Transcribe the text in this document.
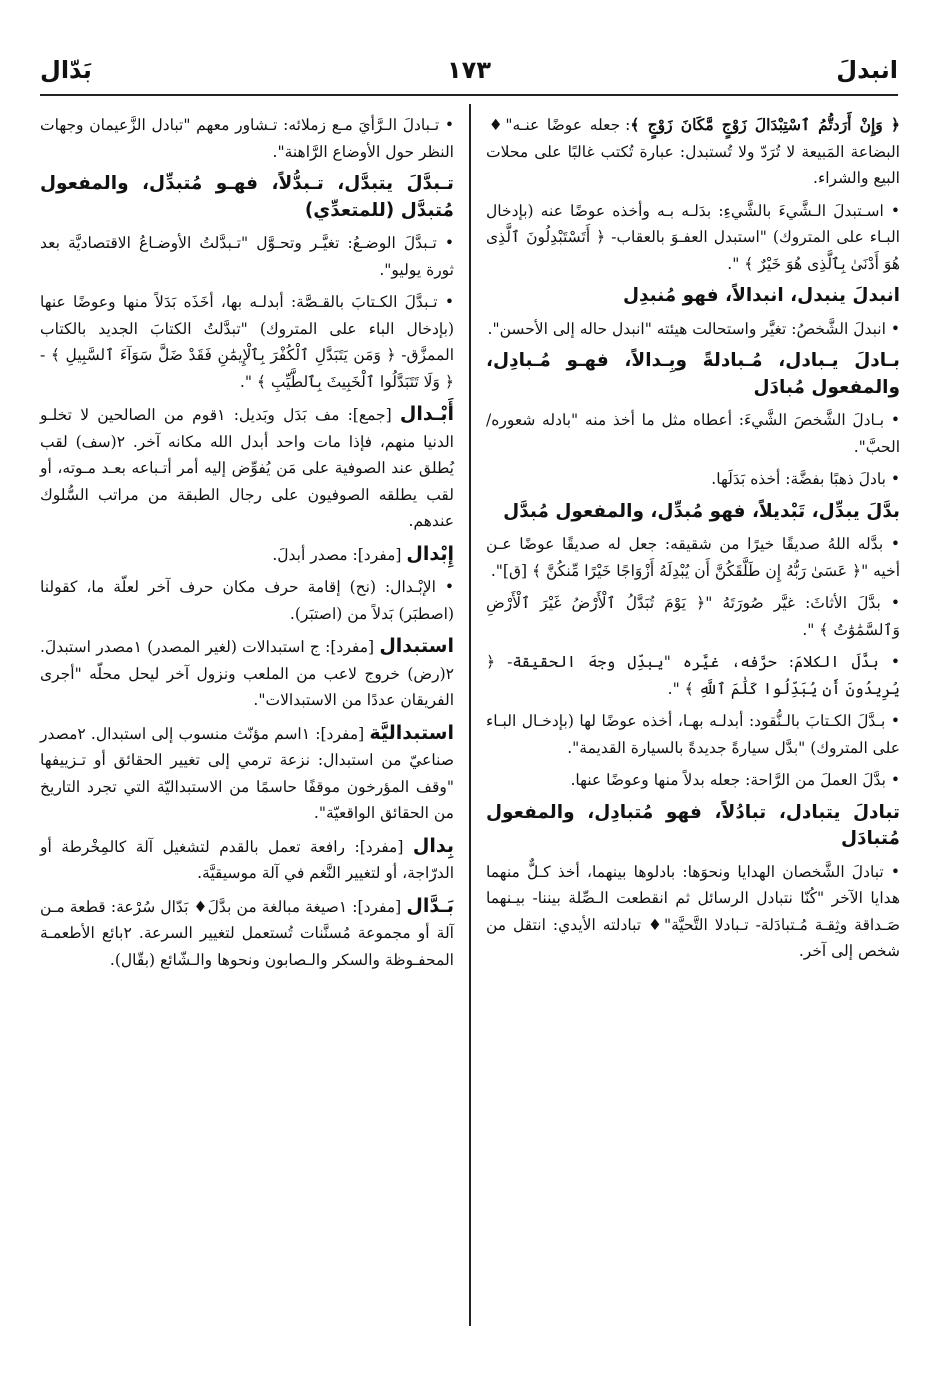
انبدلَ
١٧٣
بَدّال

﴿ وَإِنْ أَرَدتُّمُ ٱسْتِبْدَالَ زَوْجٍ مَّكَانَ زَوْجٍ ﴾: جعله عوضًا عنـه"♦ البضاعة المَبيعة لا تُرَدّ ولا تُستبدل: عبارة تُكتب غالبًا على محلات البيع والشراء.

• اسـتبدلَ الـشَّيءَ بالشَّيءِ: بدَلـه بـه وأخذه عوضًا عنه (بإدخال البـاء على المتروك) "استبدل العفـوَ بالعقاب- ﴿ أَتَسْتَبْدِلُونَ ٱلَّذِى هُوَ أَدْنَىٰ بِٱلَّذِى هُوَ خَيْرٌ ﴾ ".

انبدلَ ينبدل، انبدالاً، فهو مُنبدِل

• انبدلَ الشَّخصُ: تغيَّر واستحالت هيئته "انبدل حاله إلى الأحسن".

بـادلَ يـبادل، مُـبادلةً وبِـدالاً، فهـو مُـبادِل، والمفعول مُبادَل

• بـادلَ الشَّخصَ الشَّيءَ: أعطاه مثل ما أخذ منه "بادله شعوره/ الحبَّ".

• بادلَ ذهبًا بفضَّة: أخذه بَدَلَها.

بدَّلَ يبدِّل، تَبْديلاً، فهو مُبدِّل، والمفعول مُبدَّل

• بدَّله اللهُ صديقًا خيرًا من شقيقه: جعل له صديقًا عوضًا عـن أخيه "﴿ عَسَىٰ رَبُّهُ إِن طَلَّقَكُنَّ أَن يُبْدِلَهُ أَزْوَاجًا خَيْرًا مِّنكُنَّ ﴾ [ق]".

• بدَّلَ الأثاثَ: غيَّر صُورَتَهُ "﴿ يَوْمَ تُبَدَّلُ ٱلْأَرْضُ غَيْرَ ٱلْأَرْضِ وَٱلسَّمَٰوَٰتُ ﴾ ".

• بدَّلَ الكلامَ: حرَّفه، غيَّره "يبدِّل وجهَ الحقيقة- ﴿ يُرِيدُونَ أَن يُبَدِّلُوا كَلَٰمَ ٱللَّهِ ﴾ ".

• بـدَّلَ الكـتابَ بالـنُّقود: أبدلـه بهـا، أخذه عوضًا لها (بإدخـال البـاء على المتروك) "بدَّل سيارةً جديدةً بالسيارة القديمة".

• بدَّلَ العملَ من الرَّاحة: جعله بدلاً منها وعوضًا عنها.

تبادلَ يتبادل، تبادُلاً، فهو مُتبادِل، والمفعول مُتبادَل

• تبادلَ الشَّخصان الهدايا ونحوَها: بادلوها بينهما، أخذ كـلٌّ منهما هدايا الآخر "كُنّا نتبادل الرسائل ثم انقطعت الـصِّلة بيننا- بيـنهما صَـداقة وثِقـة مُـتبادَلة- تـبادلا التَّحيَّة"♦ تبادلته الأيدي: انتقل من شخص إلى آخر.

• تـبادلَ الـرَّأيَ مـع زملائه: تـشاور معهم "تبادل الزَّعيمان وجهات النظر حول الأوضاع الرَّاهنة".

تـبدَّلَ يتبدَّل، تـبدُّلاً، فهـو مُتبدِّل، والمفعول مُتبدَّل (للمتعدِّي)

• تـبدَّلَ الوضـعُ: تغيَّـر وتحـوَّل "تـبدَّلتُ الأوضـاعُ الاقتصاديَّة بعد ثورة يوليو".

• تـبدَّلَ الكـتابَ بالقـصَّة: أبدلـه بها، أخَذَه بَدَلاً منها وعوضًا عنها (بإدخال الباء على المتروك) "تبدَّلتُ الكتابَ الجديد بالكتاب الممزَّق- ﴿ وَمَن يَتَبَدَّلِ ٱلْكُفْرَ بِٱلْإِيمَٰنِ فَقَدْ ضَلَّ سَوَآءَ ٱلسَّبِيلِ ﴾ - ﴿ وَلَا تَتَبَدَّلُوا ٱلْخَبِيثَ بِٱلطَّيِّبِ ﴾ ".

أَبْـدال [جمع]: مف بَدَل وبَديل: ١قوم من الصالحين لا تخلـو الدنيا منهم، فإذا مات واحد أبدل الله مكانه آخر. ٢(سف) لقب يُطلق عند الصوفية على مَن يُفوِّض إليه أمر أتـباعه بعـد مـوته، أو لقب يطلقه الصوفيون على رجال الطبقة من مراتب السُّلوك عندهم.

إِبْدال [مفرد]: مصدر أبدلَ.

• الإبْـدال: (نح) إقامة حرف مكان حرف آخر لعلّة ما، كقولنا (اصطبَر) بَدلاً من (اصتبَر).

استبدال [مفرد]: ج استبدالات (لغير المصدر) ١مصدر استبدلَ. ٢(رض) خروج لاعب من الملعب ونزول آخر ليحل محلّه "أجرى الفريقان عددًا من الاستبدالات".

استبداليَّة [مفرد]: ١اسم مؤنّث منسوب إلى استبدال. ٢مصدر صناعيّ من استبدال: نزعة ترمي إلى تغيير الحقائق أو تـزييفها "وقف المؤرخون موقفًا حاسمًا من الاستبداليّة التي تجرد التاريخ من الحقائق الواقعيّة".

بِدال [مفرد]: رافعة تعمل بالقدم لتشغيل آلة كالمِخْرطة أو الدرّاجة، أو لتغيير النَّغم في آلة موسيقيَّة.

بَـدَّال [مفرد]: ١صيغة مبالغة من بدَّلَ♦ بَدّال سُرْعة: قطعة مـن آلة أو مجموعة مُسنَّنات تُستعمل لتغيير السرعة. ٢بائع الأطعمـة المحفـوظة والسكر والـصابون ونحوها والـشّائع (بقّال).
